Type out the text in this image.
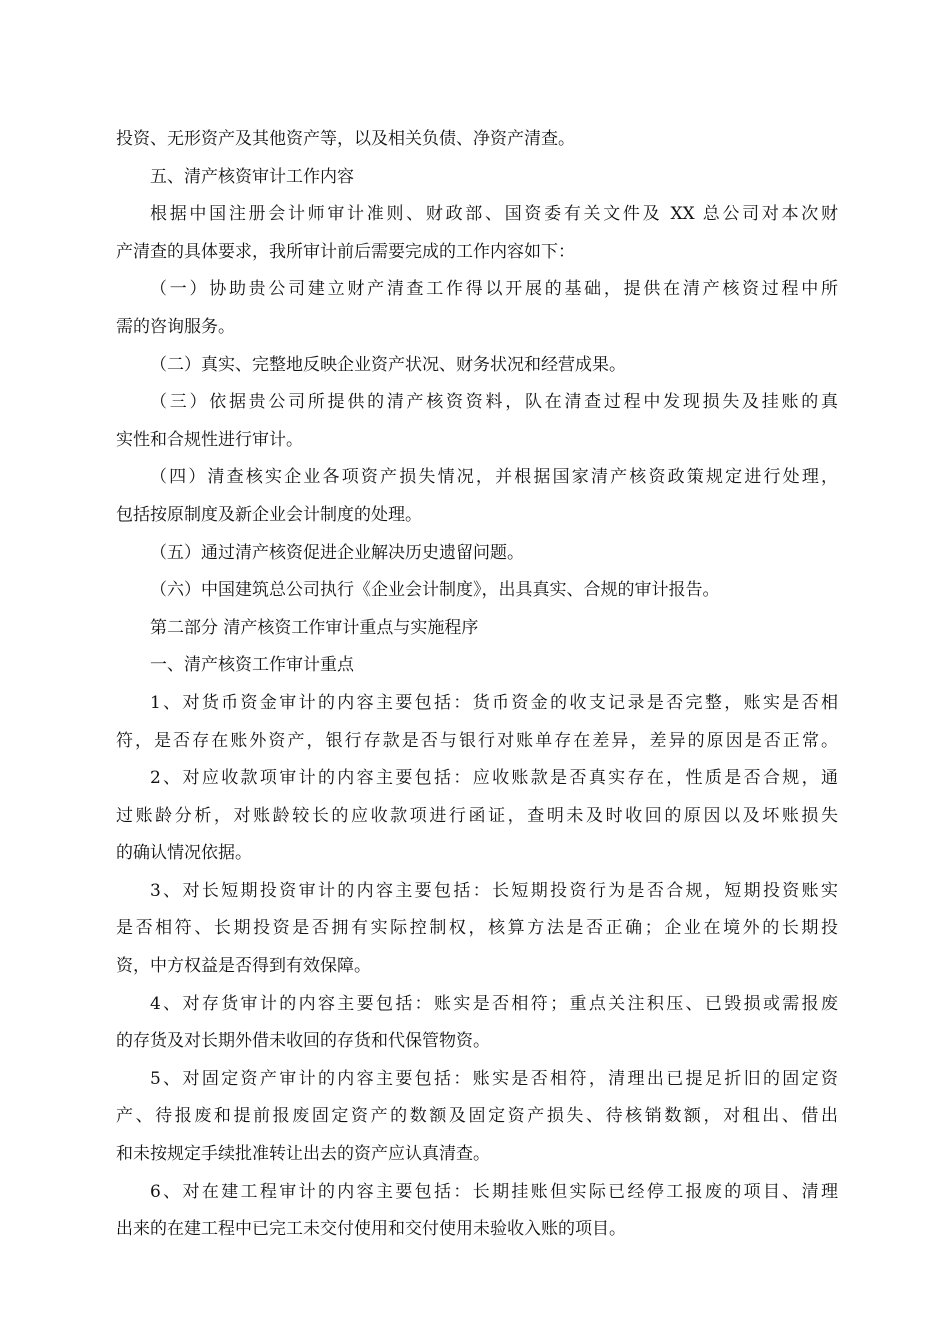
投资、无形资产及其他资产等，以及相关负债、净资产清查。
五、清产核资审计工作内容
根据中国注册会计师审计准则、财政部、国资委有关文件及 XX 总公司对本次财
产清查的具体要求，我所审计前后需要完成的工作内容如下：
（一）协助贵公司建立财产清查工作得以开展的基础，提供在清产核资过程中所
需的咨询服务。
（二）真实、完整地反映企业资产状况、财务状况和经营成果。
（三）依据贵公司所提供的清产核资资料，队在清查过程中发现损失及挂账的真
实性和合规性进行审计。
（四）清查核实企业各项资产损失情况，并根据国家清产核资政策规定进行处理，
包括按原制度及新企业会计制度的处理。
（五）通过清产核资促进企业解决历史遗留问题。
（六）中国建筑总公司执行《企业会计制度》，出具真实、合规的审计报告。
第二部分 清产核资工作审计重点与实施程序
一、清产核资工作审计重点
1、对货币资金审计的内容主要包括：货币资金的收支记录是否完整，账实是否相
符，是否存在账外资产，银行存款是否与银行对账单存在差异，差异的原因是否正常。
2、对应收款项审计的内容主要包括：应收账款是否真实存在，性质是否合规，通
过账龄分析，对账龄较长的应收款项进行函证，查明未及时收回的原因以及坏账损失
的确认情况依据。
3、对长短期投资审计的内容主要包括：长短期投资行为是否合规，短期投资账实
是否相符、长期投资是否拥有实际控制权，核算方法是否正确；企业在境外的长期投
资，中方权益是否得到有效保障。
4、对存货审计的内容主要包括：账实是否相符；重点关注积压、已毁损或需报废
的存货及对长期外借未收回的存货和代保管物资。
5、对固定资产审计的内容主要包括：账实是否相符，清理出已提足折旧的固定资
产、待报废和提前报废固定资产的数额及固定资产损失、待核销数额，对租出、借出
和未按规定手续批准转让出去的资产应认真清查。
6、对在建工程审计的内容主要包括：长期挂账但实际已经停工报废的项目、清理
出来的在建工程中已完工未交付使用和交付使用未验收入账的项目。
